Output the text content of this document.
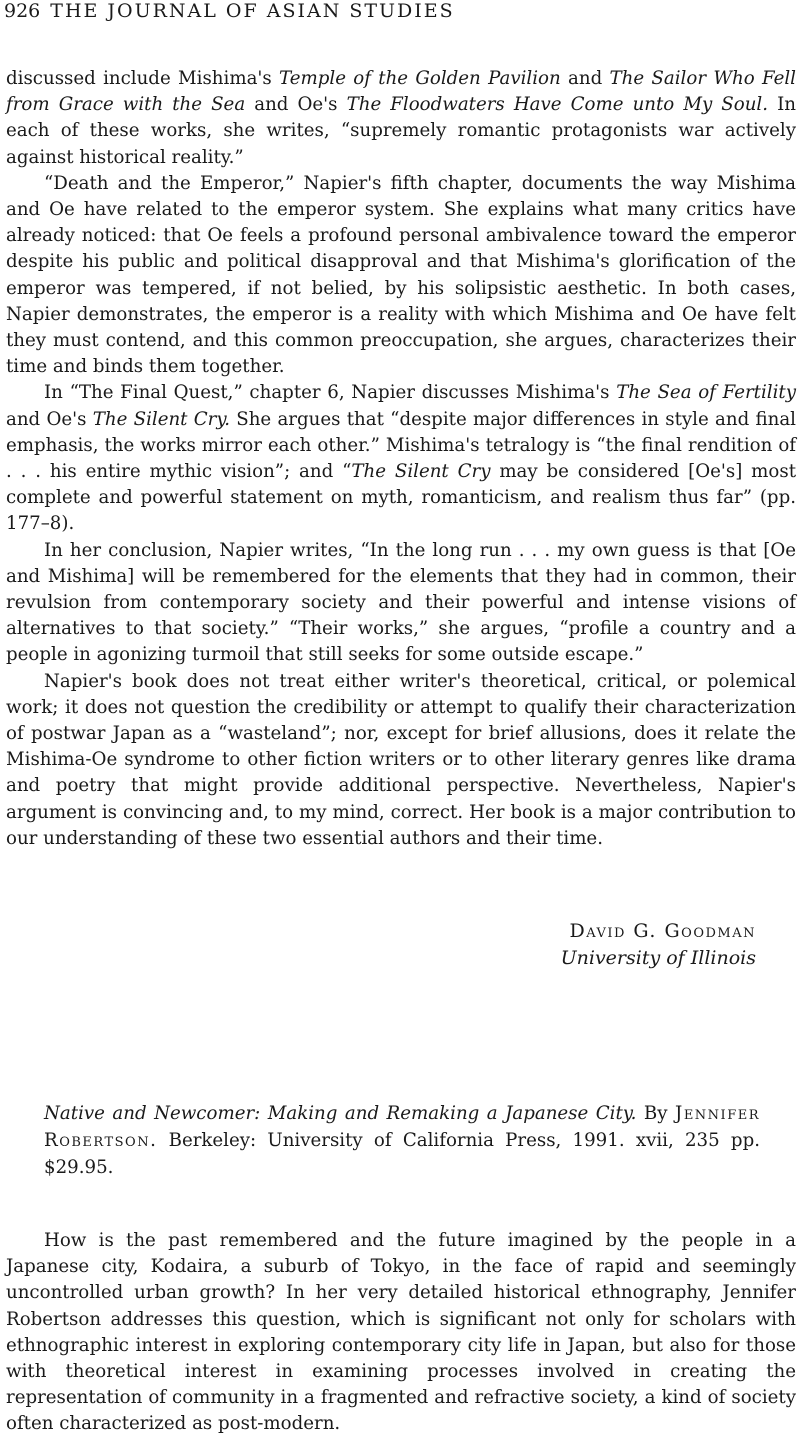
926 THE JOURNAL OF ASIAN STUDIES

discussed include Mishima's Temple of the Golden Pavilion and The Sailor Who Fell from Grace with the Sea and Oe's The Floodwaters Have Come unto My Soul. In each of these works, she writes, “supremely romantic protagonists war actively against historical reality.”

“Death and the Emperor,” Napier's fifth chapter, documents the way Mishima and Oe have related to the emperor system. She explains what many critics have already noticed: that Oe feels a profound personal ambivalence toward the emperor despite his public and political disapproval and that Mishima's glorification of the emperor was tempered, if not belied, by his solipsistic aesthetic. In both cases, Napier demonstrates, the emperor is a reality with which Mishima and Oe have felt they must contend, and this common preoccupation, she argues, characterizes their time and binds them together.

In “The Final Quest,” chapter 6, Napier discusses Mishima's The Sea of Fertility and Oe's The Silent Cry. She argues that “despite major differences in style and final emphasis, the works mirror each other.” Mishima's tetralogy is “the final rendition of . . . his entire mythic vision”; and “The Silent Cry may be considered [Oe's] most complete and powerful statement on myth, romanticism, and realism thus far” (pp. 177–8).

In her conclusion, Napier writes, “In the long run . . . my own guess is that [Oe and Mishima] will be remembered for the elements that they had in common, their revulsion from contemporary society and their powerful and intense visions of alternatives to that society.” “Their works,” she argues, “profile a country and a people in agonizing turmoil that still seeks for some outside escape.”

Napier's book does not treat either writer's theoretical, critical, or polemical work; it does not question the credibility or attempt to qualify their characterization of postwar Japan as a “wasteland”; nor, except for brief allusions, does it relate the Mishima-Oe syndrome to other fiction writers or to other literary genres like drama and poetry that might provide additional perspective. Nevertheless, Napier's argument is convincing and, to my mind, correct. Her book is a major contribution to our understanding of these two essential authors and their time.

David G. Goodman
University of Illinois
Native and Newcomer: Making and Remaking a Japanese City. By Jennifer Robertson. Berkeley: University of California Press, 1991. xvii, 235 pp. $29.95.

How is the past remembered and the future imagined by the people in a Japanese city, Kodaira, a suburb of Tokyo, in the face of rapid and seemingly uncontrolled urban growth? In her very detailed historical ethnography, Jennifer Robertson addresses this question, which is significant not only for scholars with ethnographic interest in exploring contemporary city life in Japan, but also for those with theoretical interest in examining processes involved in creating the representation of community in a fragmented and refractive society, a kind of society often characterized as post-modern.
